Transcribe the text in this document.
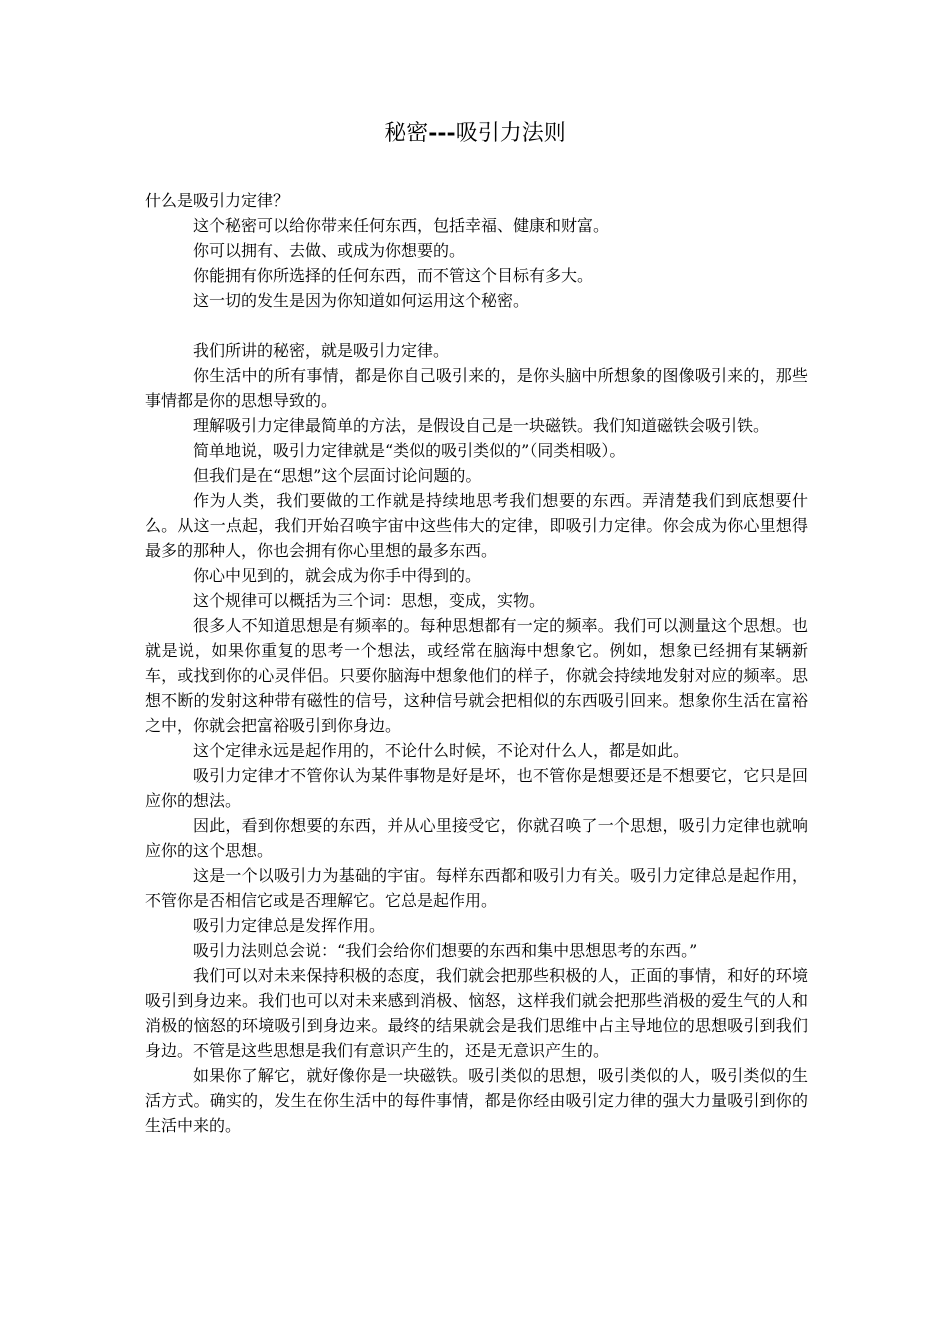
秘密---吸引力法则

什么是吸引力定律？

这个秘密可以给你带来任何东西，包括幸福、健康和财富。

你可以拥有、去做、或成为你想要的。

你能拥有你所选择的任何东西，而不管这个目标有多大。

这一切的发生是因为你知道如何运用这个秘密。

我们所讲的秘密，就是吸引力定律。

你生活中的所有事情，都是你自己吸引来的，是你头脑中所想象的图像吸引来的，那些事情都是你的思想导致的。

理解吸引力定律最简单的方法，是假设自己是一块磁铁。我们知道磁铁会吸引铁。

简单地说，吸引力定律就是“类似的吸引类似的”（同类相吸）。

但我们是在“思想”这个层面讨论问题的。

作为人类，我们要做的工作就是持续地思考我们想要的东西。弄清楚我们到底想要什么。从这一点起，我们开始召唤宇宙中这些伟大的定律，即吸引力定律。你会成为你心里想得最多的那种人，你也会拥有你心里想的最多东西。

你心中见到的，就会成为你手中得到的。

这个规律可以概括为三个词：思想，变成，实物。

很多人不知道思想是有频率的。每种思想都有一定的频率。我们可以测量这个思想。也就是说，如果你重复的思考一个想法，或经常在脑海中想象它。例如，想象已经拥有某辆新车，或找到你的心灵伴侣。只要你脑海中想象他们的样子，你就会持续地发射对应的频率。思想不断的发射这种带有磁性的信号，这种信号就会把相似的东西吸引回来。想象你生活在富裕之中，你就会把富裕吸引到你身边。

这个定律永远是起作用的，不论什么时候，不论对什么人，都是如此。

吸引力定律才不管你认为某件事物是好是坏，也不管你是想要还是不想要它，它只是回应你的想法。

因此，看到你想要的东西，并从心里接受它，你就召唤了一个思想，吸引力定律也就响应你的这个思想。

这是一个以吸引力为基础的宇宙。每样东西都和吸引力有关。吸引力定律总是起作用，不管你是否相信它或是否理解它。它总是起作用。

吸引力定律总是发挥作用。

吸引力法则总会说：“我们会给你们想要的东西和集中思想思考的东西。”

我们可以对未来保持积极的态度，我们就会把那些积极的人，正面的事情，和好的环境吸引到身边来。我们也可以对未来感到消极、恼怒，这样我们就会把那些消极的爱生气的人和消极的恼怒的环境吸引到身边来。最终的结果就会是我们思维中占主导地位的思想吸引到我们身边。不管是这些思想是我们有意识产生的，还是无意识产生的。

如果你了解它，就好像你是一块磁铁。吸引类似的思想，吸引类似的人，吸引类似的生活方式。确实的，发生在你生活中的每件事情，都是你经由吸引定力律的强大力量吸引到你的生活中来的。
